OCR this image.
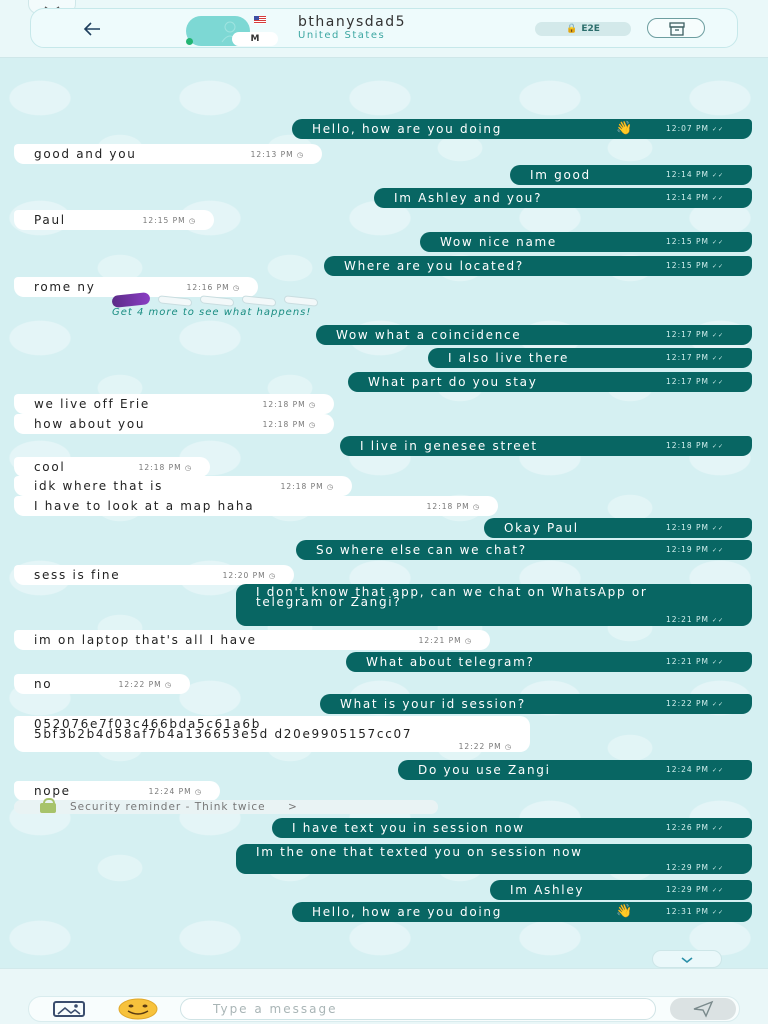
M
bthanysdad5
United States
🔒 E2E
Hello, how are you doing	👋	12:07 PM ✓✓
good and you	12:13 PM ◷
Im good	12:14 PM ✓✓
Im Ashley and you?	12:14 PM ✓✓
Paul	12:15 PM ◷
Wow nice name	12:15 PM ✓✓
Where are you located?	12:15 PM ✓✓
rome ny	12:16 PM ◷
Wow what a coincidence	12:17 PM ✓✓
I also live there	12:17 PM ✓✓
What part do you stay	12:17 PM ✓✓
we live off Erie	12:18 PM ◷
how about you	12:18 PM ◷
I live in genesee street	12:18 PM ✓✓
cool	12:18 PM ◷
idk where that is	12:18 PM ◷
I have to look at a map haha	12:18 PM ◷
Okay Paul	12:19 PM ✓✓
So where else can we chat?	12:19 PM ✓✓
sess is fine	12:20 PM ◷
I don't know that app, can we chat on WhatsApp or telegram or Zangi?
12:21 PM ✓✓
im on laptop that's all I have	12:21 PM ◷
What about telegram?	12:21 PM ✓✓
no	12:22 PM ◷
What is your id session?	12:22 PM ✓✓
052076e7f03c466bda5c61a6b 5bf3b2b4d58af7b4a136653e5d d20e9905157cc07
12:22 PM ◷
Do you use Zangi	12:24 PM ✓✓
nope	12:24 PM ◷
I have text you in session now	12:26 PM ✓✓
Im the one that texted you on session now
12:29 PM ✓✓
Im Ashley	12:29 PM ✓✓
Hello, how are you doing	👋	12:31 PM ✓✓
Get 4 more to see what happens!
Security reminder - Think twice >
Type a message
